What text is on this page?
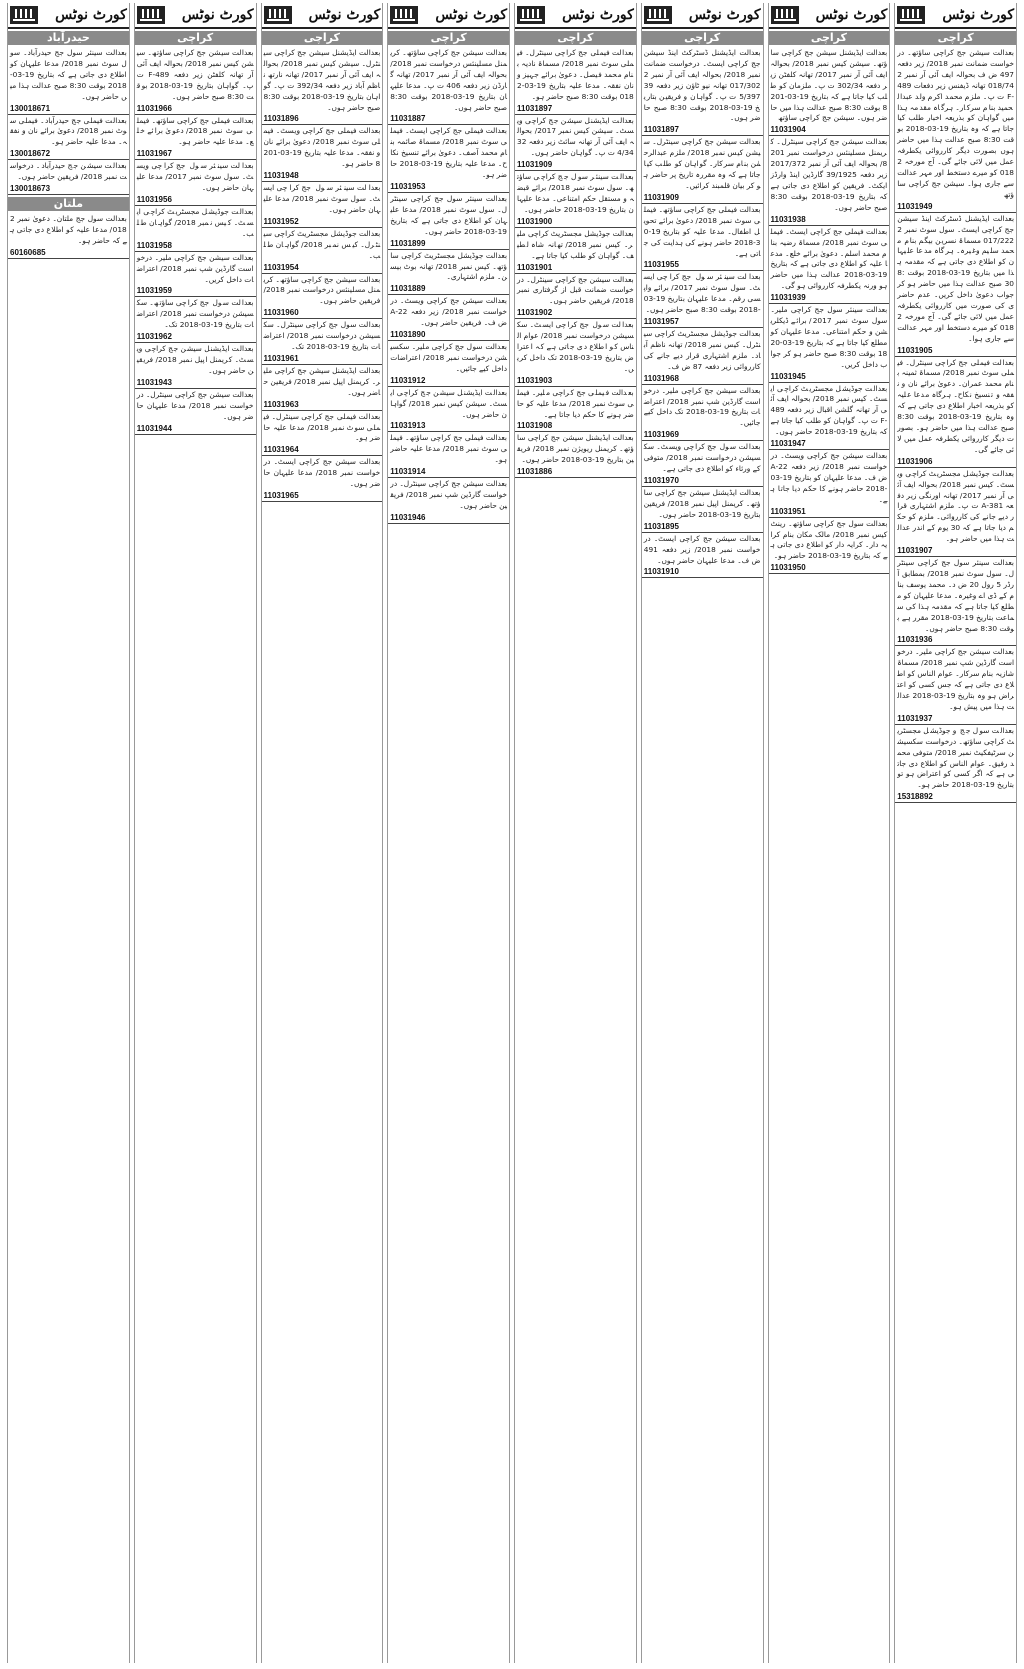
کورٹ نوٹس
کراچی
بعدالت سیشن جج کراچی ساؤتھ۔ درخواست ضمانت نمبر 2018/ زیر دفعہ 497 ض ف بحوالہ ایف آئی آر نمبر 2018/74 تھانہ ڈیفنس زیر دفعات 489-F ت پ۔ ملزم محمد اکرم ولد عبدالحمید بنام سرکار۔ ہرگاہ مقدمہ ہذا میں گواہان کو بذریعہ اخبار طلب کیا جاتا ہے کہ وہ بتاریخ 19-03-2018 بوقت 8:30 صبح عدالت ہذا میں حاضر ہوں بصورت دیگر کارروائی یکطرفہ عمل میں لائی جائے گی۔ آج مورخہ 2018 کو میرے دستخط اور مہر عدالت سے جاری ہوا۔ سیشن جج کراچی ساؤتھ
11031949
بعدالت ایڈیشنل ڈسٹرکٹ اینڈ سیشن جج کراچی ایسٹ۔ سول سوٹ نمبر 2017/222 مسماۃ نسرین بیگم بنام محمد سلیم وغیرہ۔ ہرگاہ مدعا علیہان کو اطلاع دی جاتی ہے کہ مقدمہ ہذا میں بتاریخ 19-03-2018 بوقت 8:30 صبح عدالت ہذا میں حاضر ہو کر جواب دعویٰ داخل کریں۔ عدم حاضری کی صورت میں کارروائی یکطرفہ عمل میں لائی جائے گی۔ آج مورخہ 2018 کو میرے دستخط اور مہر عدالت سے جاری ہوا۔
11031905
بعدالت فیملی جج کراچی سینٹرل۔ فیملی سوٹ نمبر 2018/ مسماۃ ثمینہ بنام محمد عمران۔ دعویٰ برائے نان و نفقہ و تنسیخ نکاح۔ ہرگاہ مدعا علیہ کو بذریعہ اخبار اطلاع دی جاتی ہے کہ وہ بتاریخ 19-03-2018 بوقت 8:30 صبح عدالت ہذا میں حاضر ہو۔ بصورت دیگر کارروائی یکطرفہ عمل میں لائی جائے گی۔
11031906
بعدالت جوڈیشل مجسٹریٹ کراچی ویسٹ۔ کیس نمبر 2018/ بحوالہ ایف آئی آر نمبر 2017/ تھانہ اورنگی زیر دفعہ 381-A ت پ۔ ملزم اشتہاری قرار دیے جانے کی کارروائی۔ ملزم کو حکم دیا جاتا ہے کہ 30 یوم کے اندر عدالت ہذا میں حاضر ہو۔
11031907
بعدالت سینئر سول جج کراچی سینٹرل۔ سول سوٹ نمبر 2018/ بمطابق آرڈر 5 رول 20 ض د۔ محمد یوسف بنام کے ڈی اے وغیرہ۔ مدعا علیہان کو مطلع کیا جاتا ہے کہ مقدمہ ہذا کی سماعت بتاریخ 19-03-2018 مقرر ہے بوقت 8:30 صبح حاضر ہوں۔
11031936
بعدالت سیشن جج کراچی ملیر۔ درخواست گارڈین شپ نمبر 2018/ مسماۃ شازیہ بنام سرکار۔ عوام الناس کو اطلاع دی جاتی ہے کہ جس کسی کو اعتراض ہو وہ بتاریخ 19-03-2018 عدالت ہذا میں پیش ہو۔
11031937
بعدالت سول جج و جوڈیشل مجسٹریٹ کراچی ساؤتھ۔ درخواست سکسیشن سرٹیفکیٹ نمبر 2018/ متوفی محمد رفیق۔ عوام الناس کو اطلاع دی جاتی ہے کہ اگر کسی کو اعتراض ہو تو بتاریخ 19-03-2018 حاضر ہو۔
15318892
کورٹ نوٹس
کراچی
بعدالت ایڈیشنل سیشن جج کراچی ساؤتھ۔ سیشن کیس نمبر 2018/ بحوالہ ایف آئی آر نمبر 2017/ تھانہ کلفٹن زیر دفعہ 302/34 ت پ۔ ملزمان کو طلب کیا جاتا ہے کہ بتاریخ 19-03-2018 بوقت 8:30 صبح عدالت ہذا میں حاضر ہوں۔ سیشن جج کراچی ساؤتھ
11031904
بعدالت سیشن جج کراچی سینٹرل۔ کریمنل مسلینئس درخواست نمبر 2018/ بحوالہ ایف آئی آر نمبر 2017/372 زیر دفعہ 39/1925 گارڈین اینڈ وارڈز ایکٹ۔ فریقین کو اطلاع دی جاتی ہے کہ بتاریخ 19-03-2018 بوقت 8:30 صبح حاضر ہوں۔
11031938
بعدالت فیملی جج کراچی ایسٹ۔ فیملی سوٹ نمبر 2018/ مسماۃ رضیہ بنام محمد اسلم۔ دعویٰ برائے خلع۔ مدعا علیہ کو اطلاع دی جاتی ہے کہ بتاریخ 19-03-2018 عدالت ہذا میں حاضر ہو ورنہ یکطرفہ کارروائی ہو گی۔
11031939
بعدالت سینئر سول جج کراچی ملیر۔ سول سوٹ نمبر 2017/ برائے ڈیکلریشن و حکم امتناعی۔ مدعا علیہان کو مطلع کیا جاتا ہے کہ بتاریخ 19-03-2018 بوقت 8:30 صبح حاضر ہو کر جواب داخل کریں۔
11031945
بعدالت جوڈیشل مجسٹریٹ کراچی ایسٹ۔ کیس نمبر 2018/ بحوالہ ایف آئی آر تھانہ گلشن اقبال زیر دفعہ 489-F ت پ۔ گواہان کو طلب کیا جاتا ہے کہ بتاریخ 19-03-2018 حاضر ہوں۔
11031947
بعدالت سیشن جج کراچی ویسٹ۔ درخواست نمبر 2018/ زیر دفعہ 22-A ض ف۔ مدعا علیہان کو بتاریخ 19-03-2018 حاضر ہونے کا حکم دیا جاتا ہے۔
11031951
بعدالت سول جج کراچی ساؤتھ۔ رینٹ کیس نمبر 2018/ مالک مکان بنام کرایہ دار۔ کرایہ دار کو اطلاع دی جاتی ہے کہ بتاریخ 19-03-2018 حاضر ہو۔
11031950
کورٹ نوٹس
کراچی
بعدالت ایڈیشنل ڈسٹرکٹ اینڈ سیشن جج کراچی ایسٹ۔ درخواست ضمانت نمبر 2018/ بحوالہ ایف آئی آر نمبر 2017/302 تھانہ نیو ٹاؤن زیر دفعہ 395/397 ت پ۔ گواہان و فریقین بتاریخ 19-03-2018 بوقت 8:30 صبح حاضر ہوں۔
11031897
بعدالت سیشن جج کراچی سینٹرل۔ سیشن کیس نمبر 2018/ ملزم عبدالرحمٰن بنام سرکار۔ گواہان کو طلب کیا جاتا ہے کہ وہ مقررہ تاریخ پر حاضر ہو کر بیان قلمبند کرائیں۔
11031909
بعدالت فیملی جج کراچی ساؤتھ۔ فیملی سوٹ نمبر 2018/ دعویٰ برائے تحویل اطفال۔ مدعا علیہ کو بتاریخ 19-03-2018 حاضر ہونے کی ہدایت کی جاتی ہے۔
11031955
بعدالت سینئر سول جج کراچی ایسٹ۔ سول سوٹ نمبر 2017/ برائے واپسی رقم۔ مدعا علیہان بتاریخ 19-03-2018 بوقت 8:30 صبح حاضر ہوں۔
11031957
بعدالت جوڈیشل مجسٹریٹ کراچی سینٹرل۔ کیس نمبر 2018/ تھانہ ناظم آباد۔ ملزم اشتہاری قرار دیے جانے کی کارروائی زیر دفعہ 87 ض ف۔
11031968
بعدالت سیشن جج کراچی ملیر۔ درخواست گارڈین شپ نمبر 2018/ اعتراضات بتاریخ 19-03-2018 تک داخل کیے جائیں۔
11031969
بعدالت سول جج کراچی ویسٹ۔ سکسیشن درخواست نمبر 2018/ متوفی کے ورثاء کو اطلاع دی جاتی ہے۔
11031970
بعدالت ایڈیشنل سیشن جج کراچی ساؤتھ۔ کریمنل اپیل نمبر 2018/ فریقین بتاریخ 19-03-2018 حاضر ہوں۔
11031895
بعدالت سیشن جج کراچی ایسٹ۔ درخواست نمبر 2018/ زیر دفعہ 491 ض ف۔ مدعا علیہان حاضر ہوں۔
11031910
کورٹ نوٹس
کراچی
بعدالت فیملی جج کراچی سینٹرل۔ فیملی سوٹ نمبر 2018/ مسماۃ نادیہ بنام محمد فیصل۔ دعویٰ برائے جہیز و نان نفقہ۔ مدعا علیہ بتاریخ 19-03-2018 بوقت 8:30 صبح حاضر ہو۔
11031897
بعدالت ایڈیشنل سیشن جج کراچی ویسٹ۔ سیشن کیس نمبر 2017/ بحوالہ ایف آئی آر تھانہ سائٹ زیر دفعہ 324/34 ت پ۔ گواہان حاضر ہوں۔
11031909
بعدالت سینئر سول جج کراچی ساؤتھ۔ سول سوٹ نمبر 2018/ برائے قبضہ و مستقل حکم امتناعی۔ مدعا علیہان بتاریخ 19-03-2018 حاضر ہوں۔
11031900
بعدالت جوڈیشل مجسٹریٹ کراچی ملیر۔ کیس نمبر 2018/ تھانہ شاہ لطیف۔ گواہان کو طلب کیا جاتا ہے۔
11031901
بعدالت سیشن جج کراچی سینٹرل۔ درخواست ضمانت قبل از گرفتاری نمبر 2018/ فریقین حاضر ہوں۔
11031902
بعدالت سول جج کراچی ایسٹ۔ سکسیشن درخواست نمبر 2018/ عوام الناس کو اطلاع دی جاتی ہے کہ اعتراض بتاریخ 19-03-2018 تک داخل کریں۔
11031903
بعدالت فیملی جج کراچی ملیر۔ فیملی سوٹ نمبر 2018/ مدعا علیہ کو حاضر ہونے کا حکم دیا جاتا ہے۔
11031908
بعدالت ایڈیشنل سیشن جج کراچی ساؤتھ۔ کریمنل ریویژن نمبر 2018/ فریقین بتاریخ 19-03-2018 حاضر ہوں۔
11031886
کورٹ نوٹس
کراچی
بعدالت سیشن جج کراچی ساؤتھ۔ کریمنل مسلینئس درخواست نمبر 2018/ بحوالہ ایف آئی آر نمبر 2017/ تھانہ گارڈن زیر دفعہ 406 ت پ۔ مدعا علیہان بتاریخ 19-03-2018 بوقت 8:30 صبح حاضر ہوں۔
11031887
بعدالت فیملی جج کراچی ایسٹ۔ فیملی سوٹ نمبر 2018/ مسماۃ صائمہ بنام محمد آصف۔ دعویٰ برائے تنسیخ نکاح۔ مدعا علیہ بتاریخ 19-03-2018 حاضر ہو۔
11031953
بعدالت سینئر سول جج کراچی سینٹرل۔ سول سوٹ نمبر 2018/ مدعا علیہان کو اطلاع دی جاتی ہے کہ بتاریخ 19-03-2018 حاضر ہوں۔
11031899
بعدالت جوڈیشل مجسٹریٹ کراچی ساؤتھ۔ کیس نمبر 2018/ تھانہ بوٹ بیسن۔ ملزم اشتہاری۔
11031889
بعدالت سیشن جج کراچی ویسٹ۔ درخواست نمبر 2018/ زیر دفعہ 22-A ض ف۔ فریقین حاضر ہوں۔
11031890
بعدالت سول جج کراچی ملیر۔ سکسیشن درخواست نمبر 2018/ اعتراضات داخل کیے جائیں۔
11031912
بعدالت ایڈیشنل سیشن جج کراچی ایسٹ۔ سیشن کیس نمبر 2018/ گواہان حاضر ہوں۔
11031913
بعدالت فیملی جج کراچی ساؤتھ۔ فیملی سوٹ نمبر 2018/ مدعا علیہ حاضر ہو۔
11031914
بعدالت سیشن جج کراچی سینٹرل۔ درخواست گارڈین شپ نمبر 2018/ فریقین حاضر ہوں۔
11031946
کورٹ نوٹس
کراچی
بعدالت ایڈیشنل سیشن جج کراچی سینٹرل۔ سیشن کیس نمبر 2018/ بحوالہ ایف آئی آر نمبر 2017/ تھانہ نارتھ ناظم آباد زیر دفعہ 392/34 ت پ۔ گواہان بتاریخ 19-03-2018 بوقت 8:30 صبح حاضر ہوں۔
11031896
بعدالت فیملی جج کراچی ویسٹ۔ فیملی سوٹ نمبر 2018/ دعویٰ برائے نان و نفقہ۔ مدعا علیہ بتاریخ 19-03-2018 حاضر ہو۔
11031948
بعدالت سینئر سول جج کراچی ایسٹ۔ سول سوٹ نمبر 2018/ مدعا علیہان حاضر ہوں۔
11031952
بعدالت جوڈیشل مجسٹریٹ کراچی سینٹرل۔ کیس نمبر 2018/ گواہان طلب۔
11031954
بعدالت سیشن جج کراچی ساؤتھ۔ کریمنل مسلینئس درخواست نمبر 2018/ فریقین حاضر ہوں۔
11031960
بعدالت سول جج کراچی سینٹرل۔ سکسیشن درخواست نمبر 2018/ اعتراضات بتاریخ 19-03-2018 تک۔
11031961
بعدالت ایڈیشنل سیشن جج کراچی ملیر۔ کریمنل اپیل نمبر 2018/ فریقین حاضر ہوں۔
11031963
بعدالت فیملی جج کراچی سینٹرل۔ فیملی سوٹ نمبر 2018/ مدعا علیہ حاضر ہو۔
11031964
بعدالت سیشن جج کراچی ایسٹ۔ درخواست نمبر 2018/ مدعا علیہان حاضر ہوں۔
11031965
کورٹ نوٹس
کراچی
بعدالت سیشن جج کراچی ساؤتھ۔ سیشن کیس نمبر 2018/ بحوالہ ایف آئی آر تھانہ کلفٹن زیر دفعہ 489-F ت پ۔ گواہان بتاریخ 19-03-2018 بوقت 8:30 صبح حاضر ہوں۔
11031966
بعدالت فیملی جج کراچی ساؤتھ۔ فیملی سوٹ نمبر 2018/ دعویٰ برائے خلع۔ مدعا علیہ حاضر ہو۔
11031967
بعدالت سینئر سول جج کراچی ویسٹ۔ سول سوٹ نمبر 2017/ مدعا علیہان حاضر ہوں۔
11031956
بعدالت جوڈیشل مجسٹریٹ کراچی ایسٹ۔ کیس نمبر 2018/ گواہان طلب۔
11031958
بعدالت سیشن جج کراچی ملیر۔ درخواست گارڈین شپ نمبر 2018/ اعتراضات داخل کریں۔
11031959
بعدالت سول جج کراچی ساؤتھ۔ سکسیشن درخواست نمبر 2018/ اعتراضات بتاریخ 19-03-2018 تک۔
11031962
بعدالت ایڈیشنل سیشن جج کراچی ویسٹ۔ کریمنل اپیل نمبر 2018/ فریقین حاضر ہوں۔
11031943
بعدالت سیشن جج کراچی سینٹرل۔ درخواست نمبر 2018/ مدعا علیہان حاضر ہوں۔
11031944
کورٹ نوٹس
حیدرآباد
بعدالت سینئر سول جج حیدرآباد۔ سول سوٹ نمبر 2018/ مدعا علیہان کو اطلاع دی جاتی ہے کہ بتاریخ 19-03-2018 بوقت 8:30 صبح عدالت ہذا میں حاضر ہوں۔
130018671
بعدالت فیملی جج حیدرآباد۔ فیملی سوٹ نمبر 2018/ دعویٰ برائے نان و نفقہ۔ مدعا علیہ حاضر ہو۔
130018672
بعدالت سیشن جج حیدرآباد۔ درخواست نمبر 2018/ فریقین حاضر ہوں۔
130018673
ملتان
بعدالت سول جج ملتان۔ دعویٰ نمبر 2018/ مدعا علیہ کو اطلاع دی جاتی ہے کہ حاضر ہو۔
60160685
